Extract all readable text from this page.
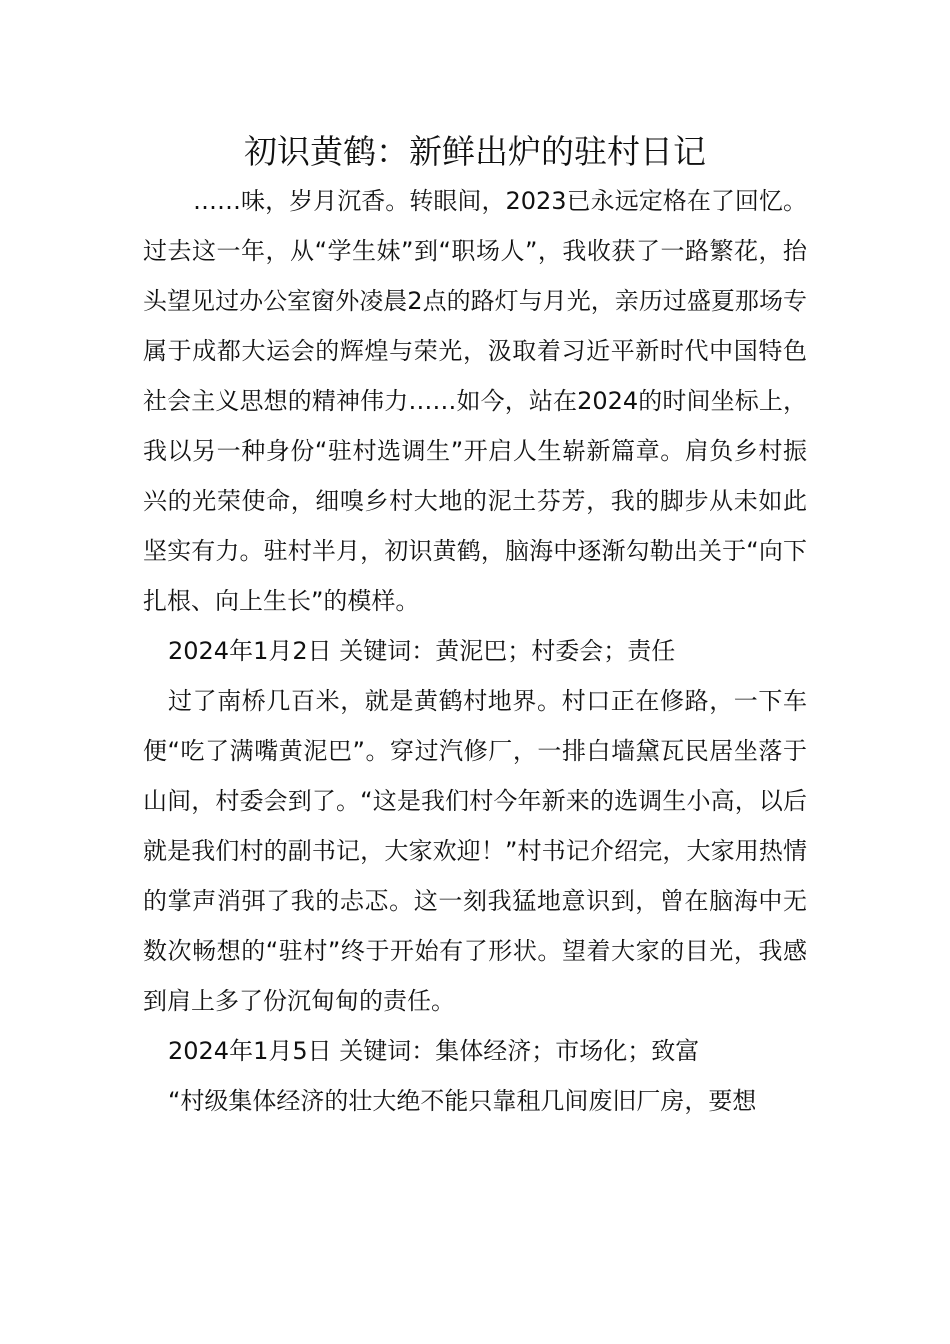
初识黄鹤：新鲜出炉的驻村日记

……味，岁月沉香。转眼间，2023已永远定格在了回忆。过去这一年，从“学生妹”到“职场人”，我收获了一路繁花，抬头望见过办公室窗外凌晨2点的路灯与月光，亲历过盛夏那场专属于成都大运会的辉煌与荣光，汲取着习近平新时代中国特色社会主义思想的精神伟力……如今，站在2024的时间坐标上，我以另一种身份“驻村选调生”开启人生崭新篇章。肩负乡村振兴的光荣使命，细嗅乡村大地的泥土芬芳，我的脚步从未如此坚实有力。驻村半月，初识黄鹤，脑海中逐渐勾勒出关于“向下扎根、向上生长”的模样。

2024年1月2日 关键词：黄泥巴；村委会；责任

过了南桥几百米，就是黄鹤村地界。村口正在修路，一下车便“吃了满嘴黄泥巴”。穿过汽修厂，一排白墙黛瓦民居坐落于山间，村委会到了。“这是我们村今年新来的选调生小高，以后就是我们村的副书记，大家欢迎！”村书记介绍完，大家用热情的掌声消弭了我的忐忑。这一刻我猛地意识到，曾在脑海中无数次畅想的“驻村”终于开始有了形状。望着大家的目光，我感到肩上多了份沉甸甸的责任。

2024年1月5日 关键词：集体经济；市场化；致富

“村级集体经济的壮大绝不能只靠租几间废旧厂房，要想
